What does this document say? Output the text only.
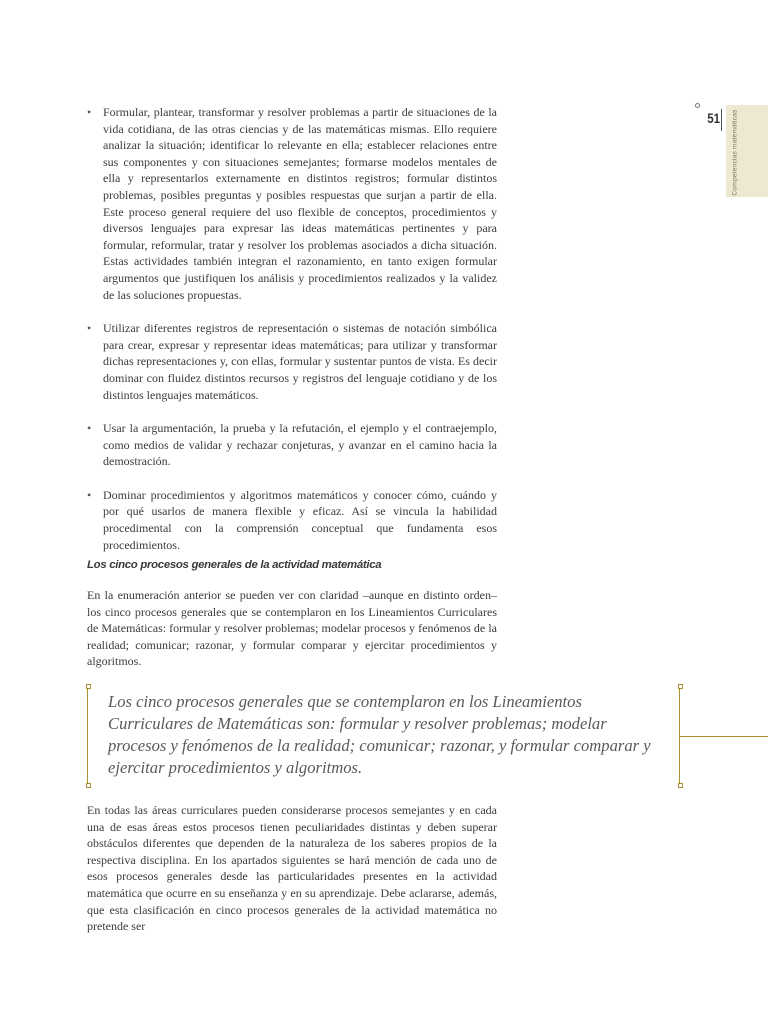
Competencias matemáticas
51
• Formular, plantear, transformar y resolver problemas a partir de situaciones de la vida cotidiana, de las otras ciencias y de las matemáticas mismas. Ello requiere analizar la situación; identificar lo relevante en ella; establecer relaciones entre sus componentes y con situaciones semejantes; formarse modelos mentales de ella y representarlos externamente en distintos registros; formular distintos problemas, posibles preguntas y posibles respuestas que surjan a partir de ella. Este proceso general requiere del uso flexible de conceptos, procedimientos y diversos lenguajes para expresar las ideas matemáticas pertinentes y para formular, reformular, tratar y resolver los problemas asociados a dicha situación. Estas actividades también integran el razonamiento, en tanto exigen formular argumentos que justifiquen los análisis y procedimientos realizados y la validez de las soluciones propuestas.
• Utilizar diferentes registros de representación o sistemas de notación simbólica para crear, expresar y representar ideas matemáticas; para utilizar y transformar dichas representaciones y, con ellas, formular y sustentar puntos de vista. Es decir dominar con fluidez distintos recursos y registros del lenguaje cotidiano y de los distintos lenguajes matemáticos.
• Usar la argumentación, la prueba y la refutación, el ejemplo y el contraejemplo, como medios de validar y rechazar conjeturas, y avanzar en el camino hacia la demostración.
• Dominar procedimientos y algoritmos matemáticos y conocer cómo, cuándo y por qué usarlos de manera flexible y eficaz. Así se vincula la habilidad procedimental con la comprensión conceptual que fundamenta esos procedimientos.
Los cinco procesos generales de la actividad matemática
En la enumeración anterior se pueden ver con claridad –aunque en distinto orden– los cinco procesos generales que se contemplaron en los Lineamientos Curriculares de Matemáticas: formular y resolver problemas; modelar procesos y fenómenos de la realidad; comunicar; razonar, y formular comparar y ejercitar procedimientos y algoritmos.
Los cinco procesos generales que se contemplaron en los Lineamientos Curriculares de Matemáticas son: formular y resolver problemas; modelar procesos y fenómenos de la realidad; comunicar; razonar, y formular comparar y ejercitar procedimientos y algoritmos.
En todas las áreas curriculares pueden considerarse procesos semejantes y en cada una de esas áreas estos procesos tienen peculiaridades distintas y deben superar obstáculos diferentes que dependen de la naturaleza de los saberes propios de la respectiva disciplina. En los apartados siguientes se hará mención de cada uno de esos procesos generales desde las particularidades presentes en la actividad matemática que ocurre en su enseñanza y en su aprendizaje. Debe aclararse, además, que esta clasificación en cinco procesos generales de la actividad matemática no pretende ser
